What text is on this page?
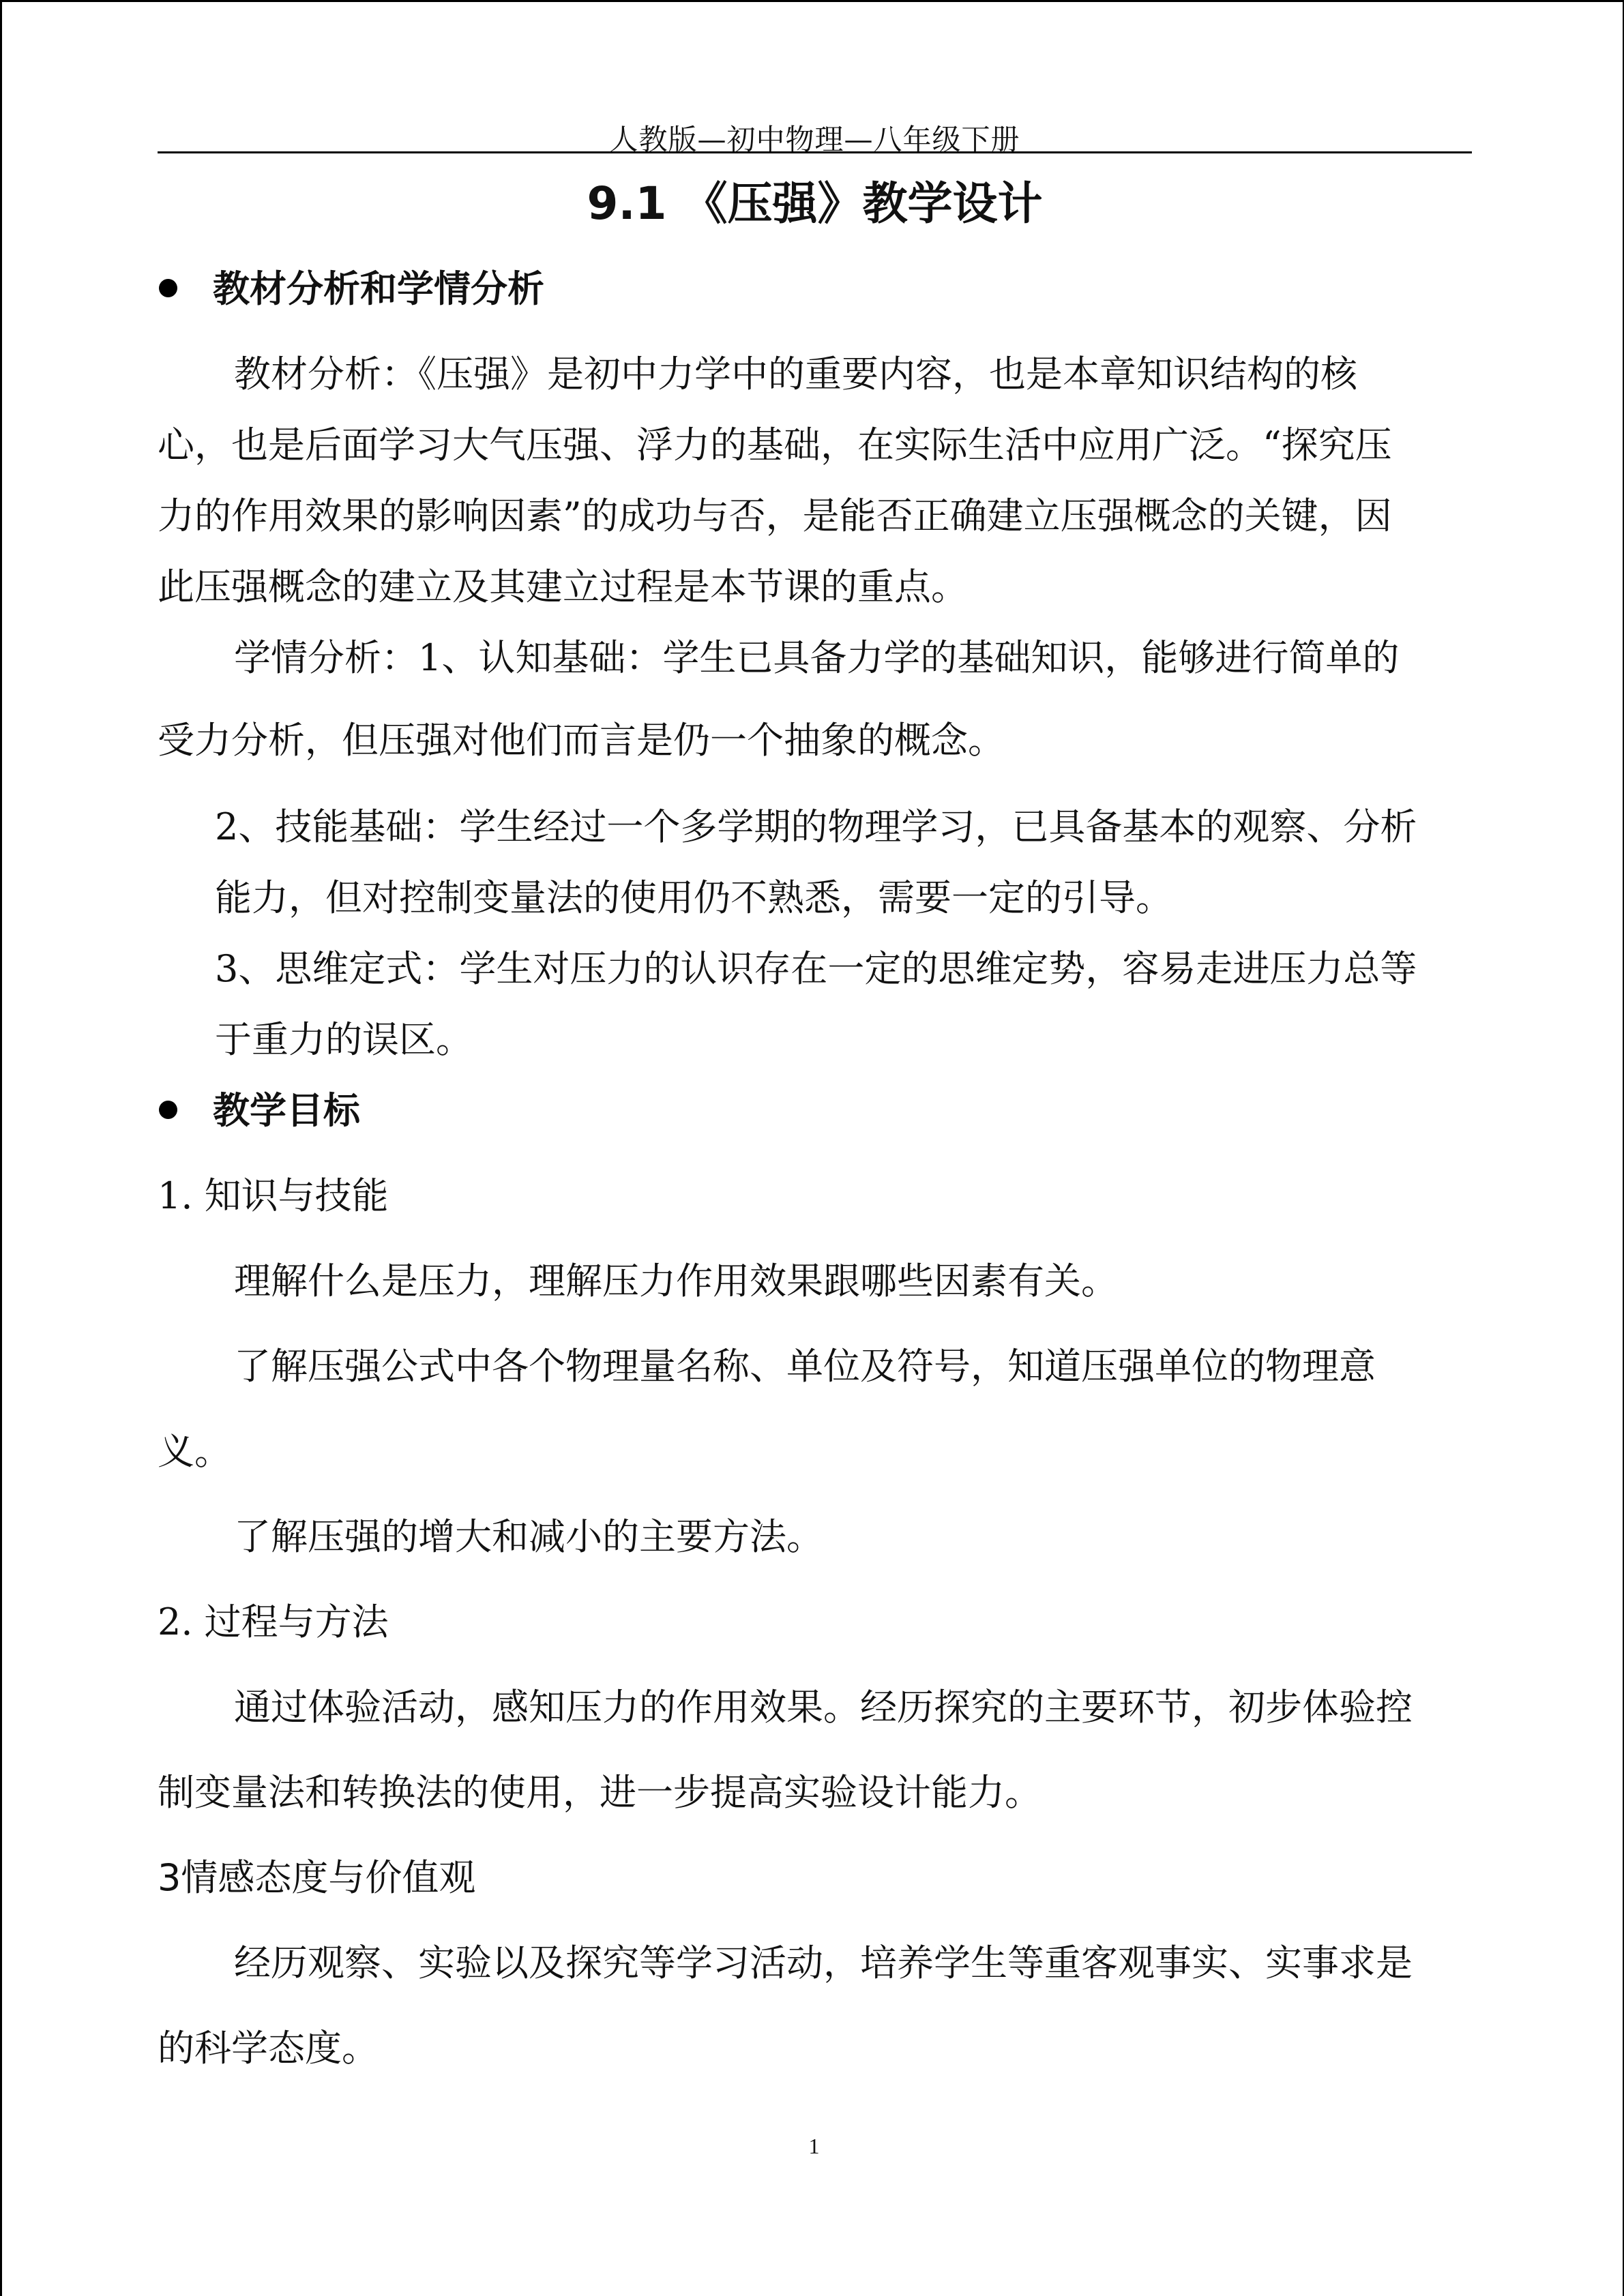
人教版—初中物理—八年级下册
9.1 《压强》教学设计
教材分析和学情分析
教材分析：《压强》是初中力学中的重要内容，也是本章知识结构的核
心，也是后面学习大气压强、浮力的基础，在实际生活中应用广泛。“探究压
力的作用效果的影响因素”的成功与否，是能否正确建立压强概念的关键，因
此压强概念的建立及其建立过程是本节课的重点。
学情分析：1、认知基础：学生已具备力学的基础知识，能够进行简单的
受力分析，但压强对他们而言是仍一个抽象的概念。
2、技能基础：学生经过一个多学期的物理学习，已具备基本的观察、分析
能力，但对控制变量法的使用仍不熟悉，需要一定的引导。
3、思维定式：学生对压力的认识存在一定的思维定势，容易走进压力总等
于重力的误区。
教学目标
1. 知识与技能
理解什么是压力，理解压力作用效果跟哪些因素有关。
了解压强公式中各个物理量名称、单位及符号，知道压强单位的物理意
义。
了解压强的增大和减小的主要方法。
2. 过程与方法
通过体验活动，感知压力的作用效果。经历探究的主要环节，初步体验控
制变量法和转换法的使用，进一步提高实验设计能力。
3情感态度与价值观
经历观察、实验以及探究等学习活动，培养学生等重客观事实、实事求是
的科学态度。
1
